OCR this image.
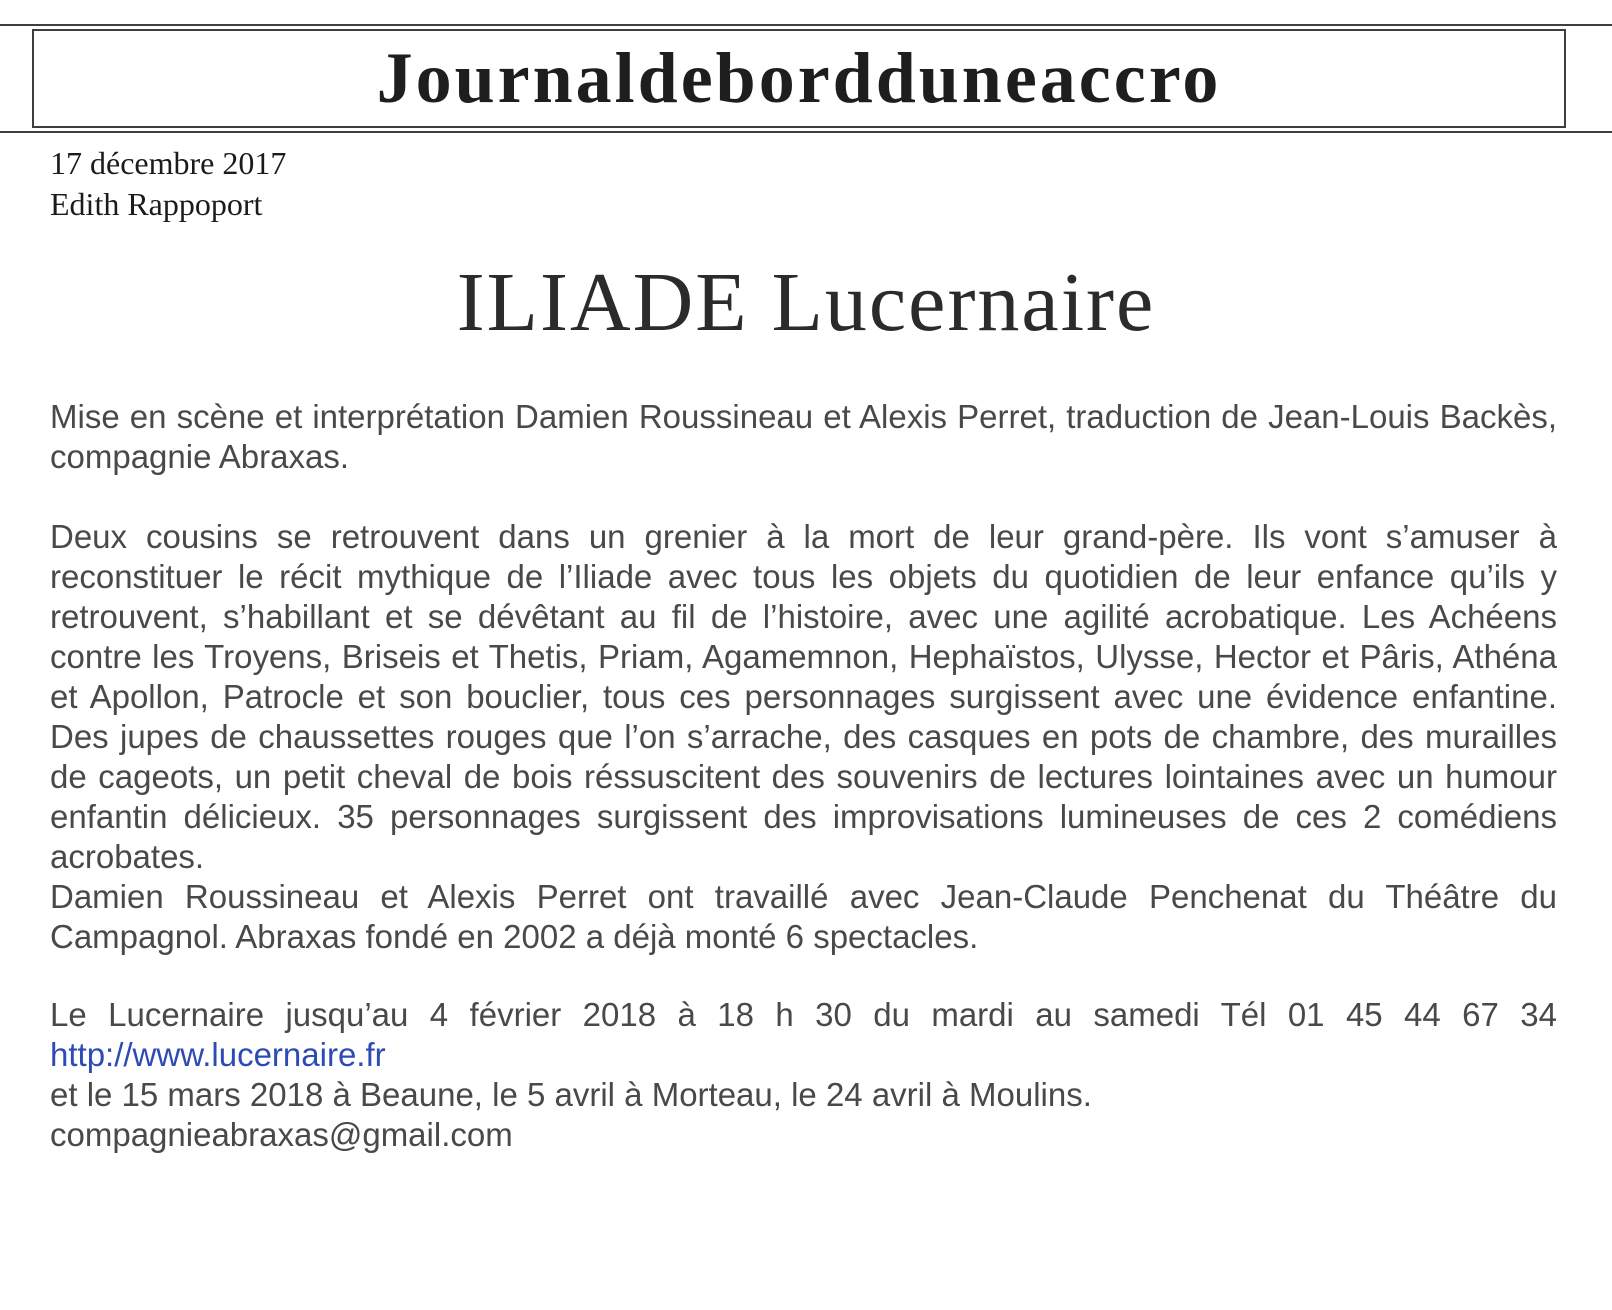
Journaldebordduneaccro
17 décembre 2017
Edith Rappoport
ILIADE Lucernaire

Mise en scène et interprétation Damien Roussineau et Alexis Perret, traduction de Jean-Louis Backès, compagnie Abraxas.

Deux cousins se retrouvent dans un grenier à la mort de leur grand-père. Ils vont s’amuser à reconstituer le récit mythique de l’Iliade avec tous les objets du quotidien de leur enfance qu’ils y retrouvent, s’habillant et se dévêtant au fil de l’histoire, avec une agilité acrobatique. Les Achéens contre les Troyens, Briseis et Thetis, Priam, Agamemnon, Hephaïstos, Ulysse, Hector et Pâris, Athéna et Apollon, Patrocle et son bouclier, tous ces personnages surgissent avec une évidence enfantine. Des jupes de chaussettes rouges que l’on s’arrache, des casques en pots de chambre, des murailles de cageots, un petit cheval de bois réssuscitent des souvenirs de lectures lointaines avec un humour enfantin délicieux. 35 personnages surgissent des improvisations lumineuses de ces 2 comédiens acrobates.

Damien Roussineau et Alexis Perret ont travaillé avec Jean-Claude Penchenat du Théâtre du Campagnol. Abraxas fondé en 2002 a déjà monté 6 spectacles.

Le Lucernaire jusqu’au 4 février 2018 à 18 h 30 du mardi au samedi Tél 01 45 44 67 34 http://www.lucernaire.fr
et le 15 mars 2018 à Beaune, le 5 avril à Morteau, le 24 avril à Moulins.
compagnieabraxas@gmail.com
